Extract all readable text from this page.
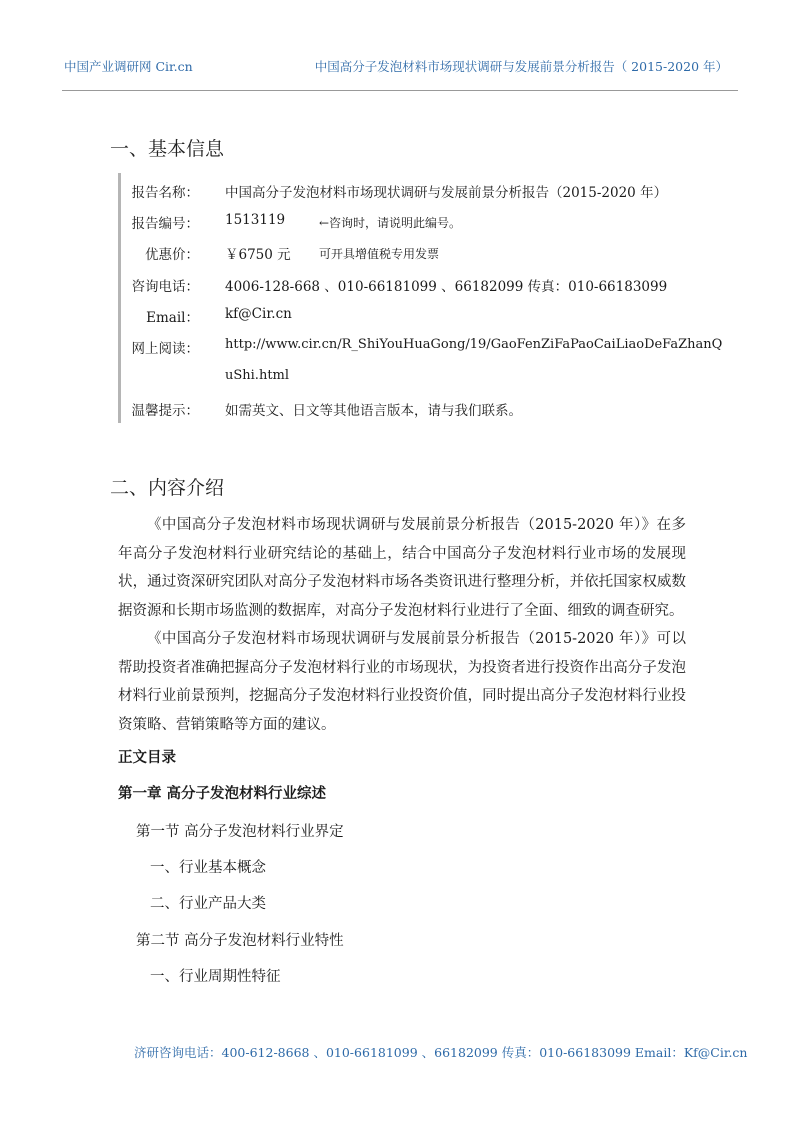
中国产业调研网 Cir.cn	中国高分子发泡材料市场现状调研与发展前景分析报告（ 2015-2020 年）
一、基本信息
报告名称： 中国高分子发泡材料市场现状调研与发展前景分析报告（2015-2020 年）
报告编号： 1513119	←咨询时，请说明此编号。
优惠价： ￥6750 元 可开具增值税专用发票
咨询电话： 4006-128-668 、010-66181099 、66182099 传真：010-66183099
Email： kf@Cir.cn
网上阅读： http://www.cir.cn/R_ShiYouHuaGong/19/GaoFenZiFaPaoCaiLiaoDeFaZhanQ
uShi.html
温馨提示： 如需英文、日文等其他语言版本，请与我们联系。
二、内容介绍

《中国高分子发泡材料市场现状调研与发展前景分析报告（2015-2020 年）》在多年高分子发泡材料行业研究结论的基础上，结合中国高分子发泡材料行业市场的发展现状，通过资深研究团队对高分子发泡材料市场各类资讯进行整理分析，并依托国家权威数据资源和长期市场监测的数据库，对高分子发泡材料行业进行了全面、细致的调查研究。

《中国高分子发泡材料市场现状调研与发展前景分析报告（2015-2020 年）》可以帮助投资者准确把握高分子发泡材料行业的市场现状，为投资者进行投资作出高分子发泡材料行业前景预判，挖掘高分子发泡材料行业投资价值，同时提出高分子发泡材料行业投资策略、营销策略等方面的建议。

正文目录
第一章 高分子发泡材料行业综述
第一节 高分子发泡材料行业界定
一、行业基本概念
二、行业产品大类
第二节 高分子发泡材料行业特性
一、行业周期性特征
济研咨询电话：400-612-8668 、010-66181099 、66182099 传真：010-66183099 Email：Kf@Cir.cn
